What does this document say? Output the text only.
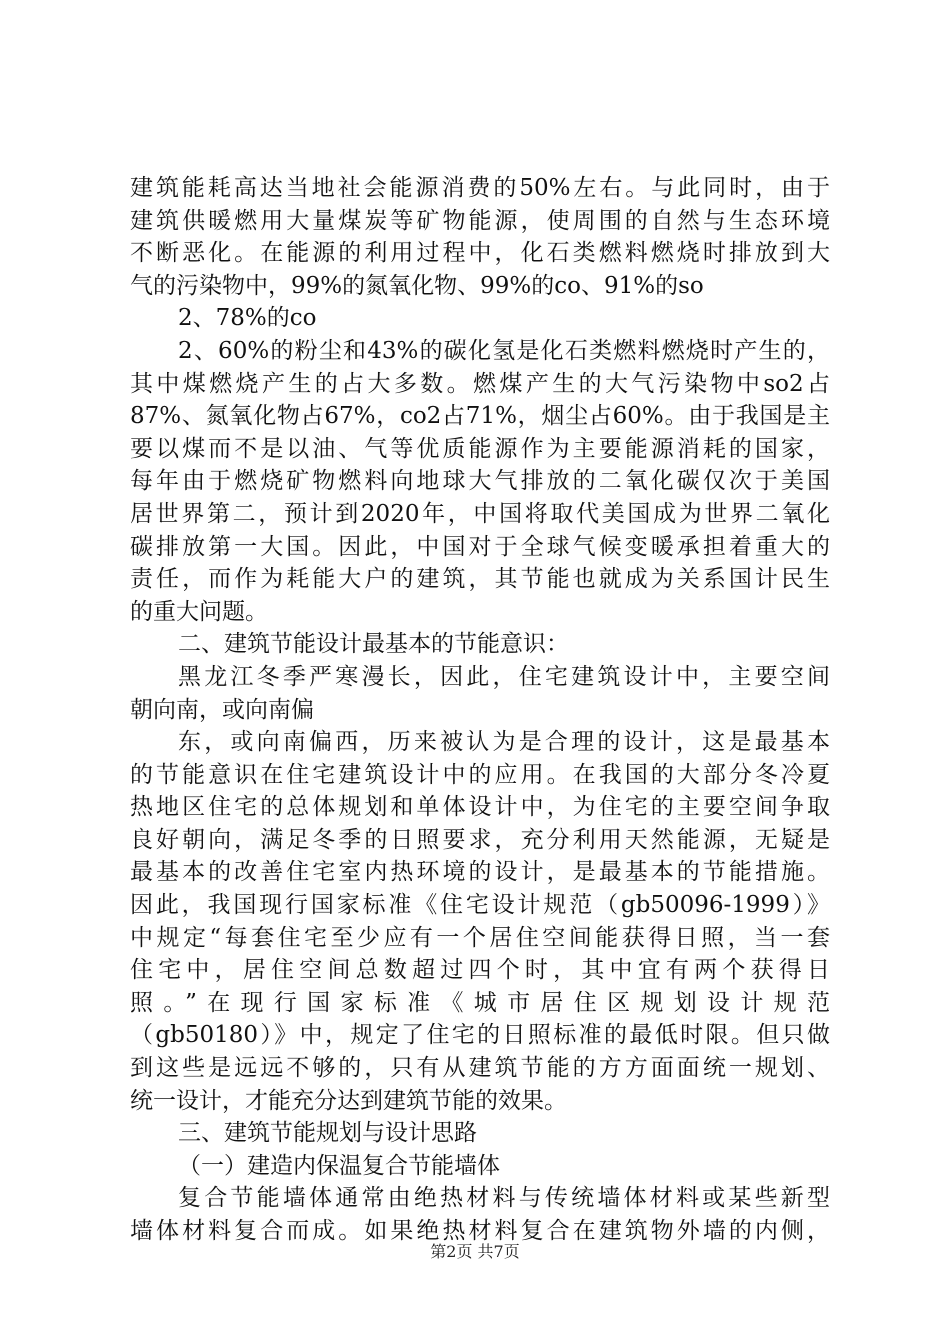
建筑能耗高达当地社会能源消费的50%左右。与此同时，由于
建筑供暖燃用大量煤炭等矿物能源，使周围的自然与生态环境
不断恶化。在能源的利用过程中，化石类燃料燃烧时排放到大
气的污染物中，99%的氮氧化物、99%的co、91%的so
2、78%的co
2、60%的粉尘和43%的碳化氢是化石类燃料燃烧时产生的，
其中煤燃烧产生的占大多数。燃煤产生的大气污染物中so2占
87%、氮氧化物占67%，co2占71%，烟尘占60%。由于我国是主
要以煤而不是以油、气等优质能源作为主要能源消耗的国家，
每年由于燃烧矿物燃料向地球大气排放的二氧化碳仅次于美国
居世界第二，预计到2020年，中国将取代美国成为世界二氧化
碳排放第一大国。因此，中国对于全球气候变暖承担着重大的
责任，而作为耗能大户的建筑，其节能也就成为关系国计民生
的重大问题。
二、建筑节能设计最基本的节能意识：
黑龙江冬季严寒漫长，因此，住宅建筑设计中，主要空间
朝向南，或向南偏
东，或向南偏西，历来被认为是合理的设计，这是最基本
的节能意识在住宅建筑设计中的应用。在我国的大部分冬冷夏
热地区住宅的总体规划和单体设计中，为住宅的主要空间争取
良好朝向，满足冬季的日照要求，充分利用天然能源，无疑是
最基本的改善住宅室内热环境的设计，是最基本的节能措施。
因此，我国现行国家标准《住宅设计规范（gb50096-1999）》
中规定“每套住宅至少应有一个居住空间能获得日照，当一套
住宅中，居住空间总数超过四个时，其中宜有两个获得日
照。”在现行国家标准《城市居住区规划设计规范
（gb50180）》中，规定了住宅的日照标准的最低时限。但只做
到这些是远远不够的，只有从建筑节能的方方面面统一规划、
统一设计，才能充分达到建筑节能的效果。
三、建筑节能规划与设计思路
（一）建造内保温复合节能墙体
复合节能墙体通常由绝热材料与传统墙体材料或某些新型
墙体材料复合而成。如果绝热材料复合在建筑物外墙的内侧，
第2页 共7页
